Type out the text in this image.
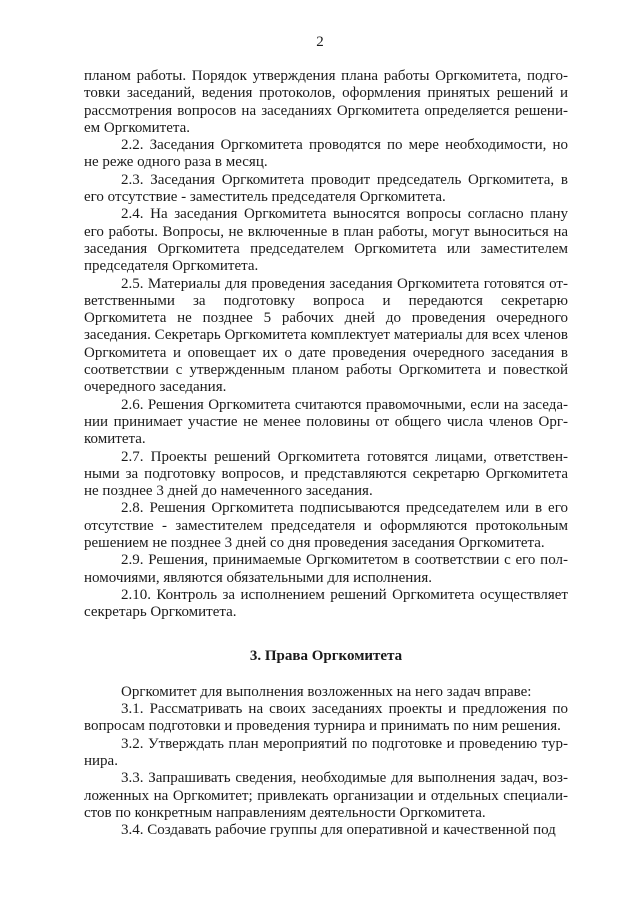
2

планом работы. Порядок утверждения плана работы Оргкомитета, подготовки заседаний, ведения протоколов, оформления принятых решений и рассмотрения вопросов на заседаниях Оргкомитета определяется решением Оргкомитета.

2.2. Заседания Оргкомитета проводятся по мере необходимости, но не реже одного раза в месяц.

2.3. Заседания Оргкомитета проводит председатель Оргкомитета, в его отсутствие - заместитель председателя Оргкомитета.

2.4. На заседания Оргкомитета выносятся вопросы согласно плану его работы. Вопросы, не включенные в план работы, могут выноситься на заседания Оргкомитета председателем Оргкомитета или заместителем председателя Оргкомитета.

2.5. Материалы для проведения заседания Оргкомитета готовятся ответственными за подготовку вопроса и передаются секретарю Оргкомитета не позднее 5 рабочих дней до проведения очередного заседания. Секретарь Оргкомитета комплектует материалы для всех членов Оргкомитета и оповещает их о дате проведения очередного заседания в соответствии с утвержденным планом работы Оргкомитета и повесткой очередного заседания.

2.6. Решения Оргкомитета считаются правомочными, если на заседании принимает участие не менее половины от общего числа членов Оргкомитета.

2.7. Проекты решений Оргкомитета готовятся лицами, ответственными за подготовку вопросов, и представляются секретарю Оргкомитета не позднее 3 дней до намеченного заседания.

2.8. Решения Оргкомитета подписываются председателем или в его отсутствие - заместителем председателя и оформляются протокольным решением не позднее 3 дней со дня проведения заседания Оргкомитета.

2.9. Решения, принимаемые Оргкомитетом в соответствии с его полномочиями, являются обязательными для исполнения.

2.10. Контроль за исполнением решений Оргкомитета осуществляет секретарь Оргкомитета.

3. Права Оргкомитета

Оргкомитет для выполнения возложенных на него задач вправе:

3.1. Рассматривать на своих заседаниях проекты и предложения по вопросам подготовки и проведения турнира и принимать по ним решения.

3.2. Утверждать план мероприятий по подготовке и проведению турнира.

3.3. Запрашивать сведения, необходимые для выполнения задач, возложенных на Оргкомитет; привлекать организации и отдельных специалистов по конкретным направлениям деятельности Оргкомитета.

3.4. Создавать рабочие группы для оперативной и качественной под
